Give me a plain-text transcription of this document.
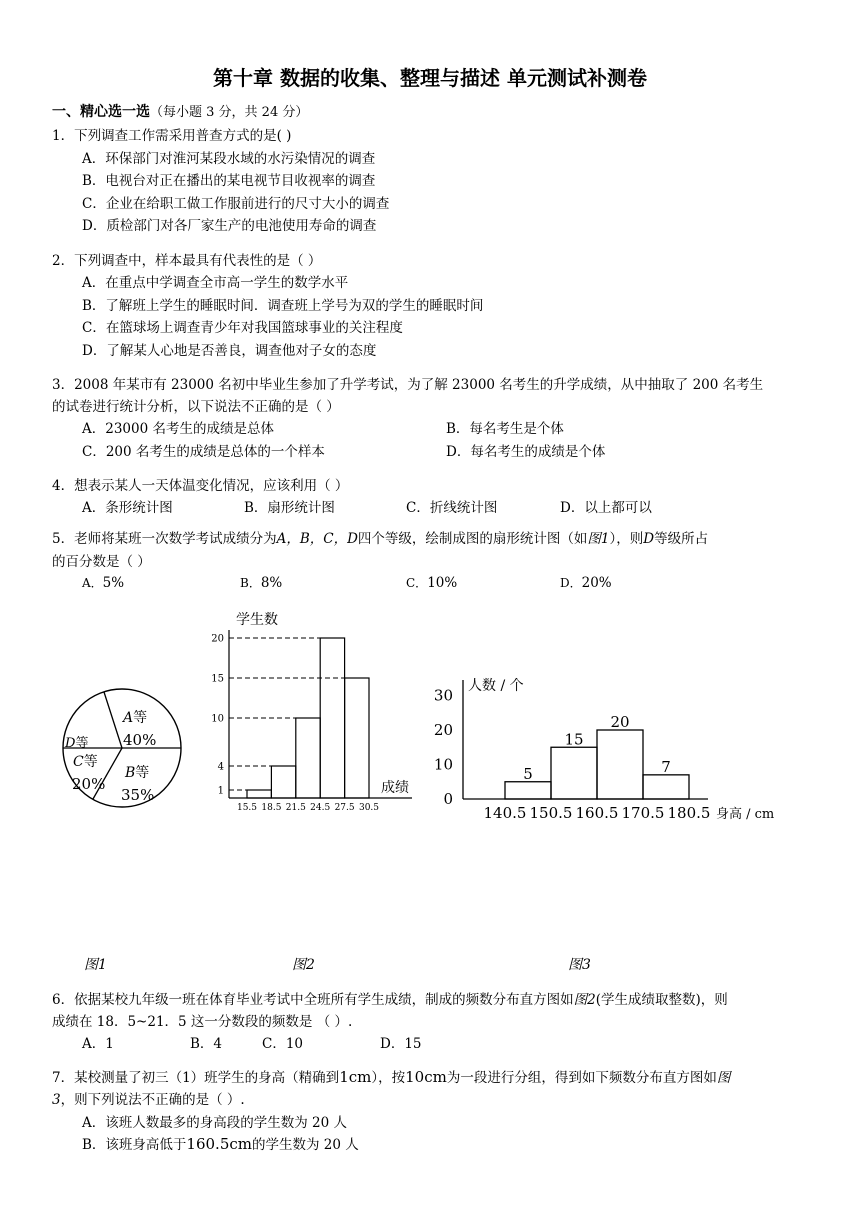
第十章 数据的收集、整理与描述 单元测试补测卷
一、精心选一选（每小题 3 分，共 24 分）
1．下列调查工作需采用普查方式的是( )
A．环保部门对淮河某段水域的水污染情况的调查
B．电视台对正在播出的某电视节目收视率的调查
C．企业在给职工做工作服前进行的尺寸大小的调查
D．质检部门对各厂家生产的电池使用寿命的调查
2．下列调查中，样本最具有代表性的是（ ）
A．在重点中学调查全市高一学生的数学水平
B．了解班上学生的睡眠时间．调查班上学号为双的学生的睡眠时间
C．在篮球场上调查青少年对我国篮球事业的关注程度
D．了解某人心地是否善良，调查他对子女的态度
3．2008 年某市有 23000 名初中毕业生参加了升学考试，为了解 23000 名考生的升学成绩，从中抽取了 200 名考生
的试卷进行统计分析，以下说法不正确的是（ ）
A．23000 名考生的成绩是总体	B．每名考生是个体
C．200 名考生的成绩是总体的一个样本	D．每名考生的成绩是个体
4．想表示某人一天体温变化情况，应该利用（ ）
A．条形统计图	B．扇形统计图	C．折线统计图	D．以上都可以
5．老师将某班一次数学考试成绩分为A，B，C，D四个等级，绘制成图的扇形统计图（如图1），则D等级所占
的百分数是（ ）
A．5%	B．8%	C．10%	D．20%
A等
40%
B等
35%
C等
20%
D等
学生数
成绩
1
4
10
20
15
15.5 18.5 21.5 24.5 27.5 30.5
人数 / 个
身高 / cm
0
10
20
30
140.5 150.5 160.5 170.5 180.5
5
15
20
7
图1	图2	图3
6．依据某校九年级一班在体育毕业考试中全班所有学生成绩，制成的频数分布直方图如图2(学生成绩取整数)，则
成绩在 18．5~21．5 这一分数段的频数是 （ ）.
A．1	B．4	C．10	D．15
7．某校测量了初三（1）班学生的身高（精确到1cm），按10cm为一段进行分组，得到如下频数分布直方图如图
3，则下列说法不正确的是（ ）.
A．该班人数最多的身高段的学生数为 20 人
B．该班身高低于160.5cm的学生数为 20 人
